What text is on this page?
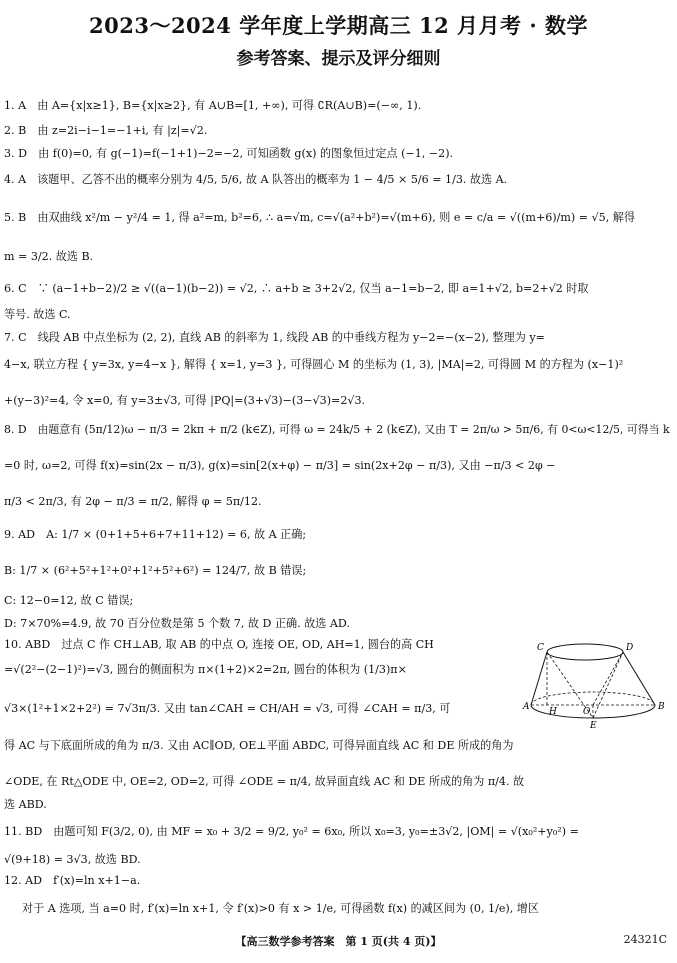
2023～2024 学年度上学期高三 12 月月考 · 数学
参考答案、提示及评分细则
1. A　由 A={x|x≥1}, B={x|x≥2}, 有 A∪B=[1, +∞), 可得 ∁R(A∪B)=(−∞, 1).
2. B　由 z=2i−i−1=−1+i, 有 |z|=√2.
3. D　由 f(0)=0, 有 g(−1)=f(−1+1)−2=−2, 可知函数 g(x) 的图象恒过定点 (−1, −2).
4. A　该题甲、乙答不出的概率分别为 4/5, 5/6, 故 A 队答出的概率为 1 − 4/5 × 5/6 = 1/3. 故选 A.
5. B　由双曲线 x²/m − y²/4 = 1, 得 a²=m, b²=6, ∴ a=√m, c=√(a²+b²)=√(m+6), 则 e = c/a = √((m+6)/m) = √5, 解得
m = 3/2. 故选 B.
6. C　∵ (a−1+b−2)/2 ≥ √((a−1)(b−2)) = √2, ∴ a+b ≥ 3+2√2, 仅当 a−1=b−2, 即 a=1+√2, b=2+√2 时取
等号. 故选 C.
7. C　线段 AB 中点坐标为 (2, 2), 直线 AB 的斜率为 1, 线段 AB 的中垂线方程为 y−2=−(x−2), 整理为 y=
4−x, 联立方程 { y=3x, y=4−x }, 解得 { x=1, y=3 }, 可得圆心 M 的坐标为 (1, 3), |MA|=2, 可得圆 M 的方程为 (x−1)²
+(y−3)²=4, 令 x=0, 有 y=3±√3, 可得 |PQ|=(3+√3)−(3−√3)=2√3.
8. D　由题意有 (5π/12)ω − π/3 = 2kπ + π/2 (k∈Z), 可得 ω = 24k/5 + 2 (k∈Z), 又由 T = 2π/ω > 5π/6, 有 0<ω<12/5, 可得当 k
=0 时, ω=2, 可得 f(x)=sin(2x − π/3), g(x)=sin[2(x+φ) − π/3] = sin(2x+2φ − π/3), 又由 −π/3 < 2φ −
π/3 < 2π/3, 有 2φ − π/3 = π/2, 解得 φ = 5π/12.
9. AD　A: 1/7 × (0+1+5+6+7+11+12) = 6, 故 A 正确;
B: 1/7 × (6²+5²+1²+0²+1²+5²+6²) = 124/7, 故 B 错误;
C: 12−0=12, 故 C 错误;
D: 7×70%=4.9, 故 70 百分位数是第 5 个数 7, 故 D 正确. 故选 AD.
10. ABD　过点 C 作 CH⊥AB, 取 AB 的中点 O, 连接 OE, OD, AH=1, 圆台的高 CH
=√(2²−(2−1)²)=√3, 圆台的侧面积为 π×(1+2)×2=2π, 圆台的体积为 (1/3)π×
√3×(1²+1×2+2²) = 7√3π/3. 又由 tan∠CAH = CH/AH = √3, 可得 ∠CAH = π/3, 可
得 AC 与下底面所成的角为 π/3. 又由 AC∥OD, OE⊥平面 ABDC, 可得异面直线 AC 和 DE 所成的角为
∠ODE, 在 Rt△ODE 中, OE=2, OD=2, 可得 ∠ODE = π/4, 故异面直线 AC 和 DE 所成的角为 π/4. 故
选 ABD.
11. BD　由题可知 F(3/2, 0), 由 MF = x₀ + 3/2 = 9/2, y₀² = 6x₀, 所以 x₀=3, y₀=±3√2, |OM| = √(x₀²+y₀²) =
√(9+18) = 3√3, 故选 BD.
12. AD　f′(x)=ln x+1−a.
对于 A 选项, 当 a=0 时, f′(x)=ln x+1, 令 f′(x)>0 有 x > 1/e, 可得函数 f(x) 的减区间为 (0, 1/e), 增区
C	D
A H	O	B
E
【高三数学参考答案　第 1 页(共 4 页)】	24321C
